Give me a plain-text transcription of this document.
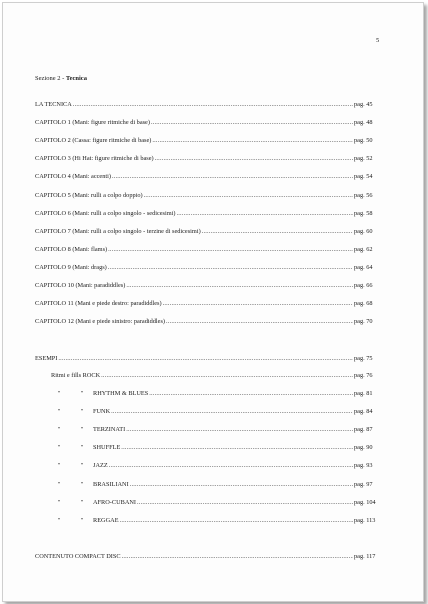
5
Sezione 2 - Tecnica
LA TECNICA .....	pag. 45
CAPITOLO 1 (Mani: figure ritmiche di base) .....	pag. 48
CAPITOLO 2 (Cassa: figure ritmiche di base) .....	pag. 50
CAPITOLO 3 (Hi Hat: figure ritmiche di base) .....	pag. 52
CAPITOLO 4 (Mani: accenti) .....	pag. 54
CAPITOLO 5 (Mani: rulli a colpo doppio) .....	pag. 56
CAPITOLO 6 (Mani: rulli a colpo singolo - sedicesimi) .....	pag. 58
CAPITOLO 7 (Mani: rulli a colpo singolo - terzine di sedicesimi) .....	pag. 60
CAPITOLO 8 (Mani: flams) .....	pag. 62
CAPITOLO 9 (Mani: drags) .....	pag. 64
CAPITOLO 10 (Mani: paradiddles) .....	pag. 66
CAPITOLO 11 (Mani e piede destro: paradiddles) .....	pag. 68
CAPITOLO 12 (Mani e piede sinistro: paradiddles) .....	pag. 70
ESEMPI .....	pag. 75
Ritmi e fills ROCK .....	pag. 76
"	"	RHYTHM & BLUES .....	pag. 81
"	"	FUNK .....	pag. 84
"	"	TERZINATI .....	pag. 87
"	"	SHUFFLE .....	pag. 90
"	"	JAZZ .....	pag. 93
"	"	BRASILIANI .....	pag. 97
"	"	AFRO-CUBANI .....	pag. 104
"	"	REGGAE .....	pag. 113
CONTENUTO COMPACT DISC .....	pag. 117
